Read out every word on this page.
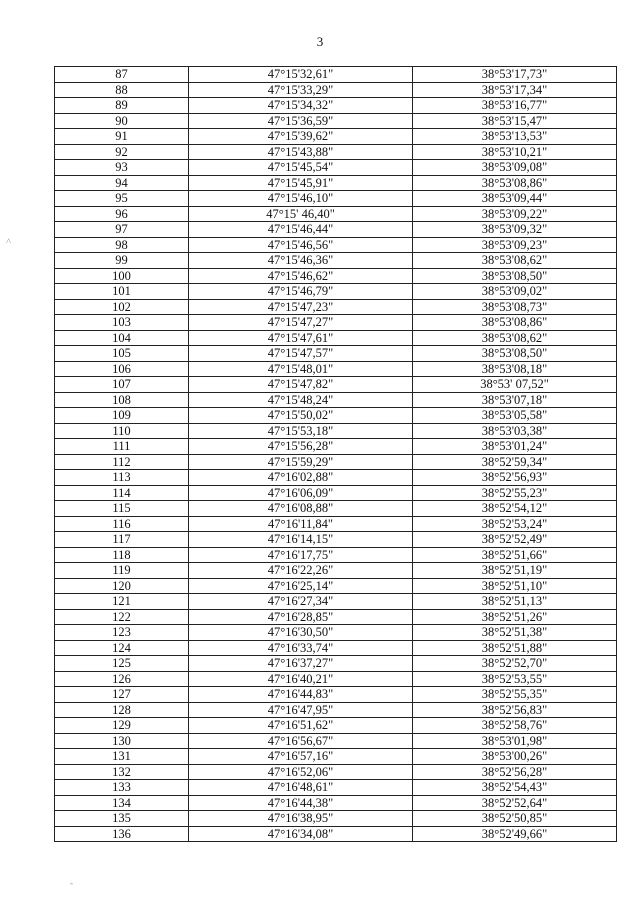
3
87	47°15'32,61"	38°53'17,73"
88	47°15'33,29"	38°53'17,34"
89	47°15'34,32"	38°53'16,77"
90	47°15'36,59"	38°53'15,47"
91	47°15'39,62"	38°53'13,53"
92	47°15'43,88"	38°53'10,21"
93	47°15'45,54"	38°53'09,08"
94	47°15'45,91"	38°53'08,86"
95	47°15'46,10"	38°53'09,44"
96	47°15' 46,40"	38°53'09,22"
97	47°15'46,44"	38°53'09,32"
98	47°15'46,56"	38°53'09,23"
99	47°15'46,36"	38°53'08,62"
100	47°15'46,62"	38°53'08,50"
101	47°15'46,79"	38°53'09,02"
102	47°15'47,23"	38°53'08,73"
103	47°15'47,27"	38°53'08,86"
104	47°15'47,61"	38°53'08,62"
105	47°15'47,57"	38°53'08,50"
106	47°15'48,01"	38°53'08,18"
107	47°15'47,82"	38°53' 07,52"
108	47°15'48,24"	38°53'07,18"
109	47°15'50,02"	38°53'05,58"
110	47°15'53,18"	38°53'03,38"
111	47°15'56,28"	38°53'01,24"
112	47°15'59,29"	38°52'59,34"
113	47°16'02,88"	38°52'56,93"
114	47°16'06,09"	38°52'55,23"
115	47°16'08,88"	38°52'54,12"
116	47°16'11,84"	38°52'53,24"
117	47°16'14,15"	38°52'52,49"
118	47°16'17,75"	38°52'51,66"
119	47°16'22,26"	38°52'51,19"
120	47°16'25,14"	38°52'51,10"
121	47°16'27,34"	38°52'51,13"
122	47°16'28,85"	38°52'51,26"
123	47°16'30,50"	38°52'51,38"
124	47°16'33,74"	38°52'51,88"
125	47°16'37,27"	38°52'52,70"
126	47°16'40,21"	38°52'53,55"
127	47°16'44,83"	38°52'55,35"
128	47°16'47,95"	38°52'56,83"
129	47°16'51,62"	38°52'58,76"
130	47°16'56,67"	38°53'01,98"
131	47°16'57,16"	38°53'00,26"
132	47°16'52,06"	38°52'56,28"
133	47°16'48,61"	38°52'54,43"
134	47°16'44,38"	38°52'52,64"
135	47°16'38,95"	38°52'50,85"
136	47°16'34,08"	38°52'49,66"
˄
-
